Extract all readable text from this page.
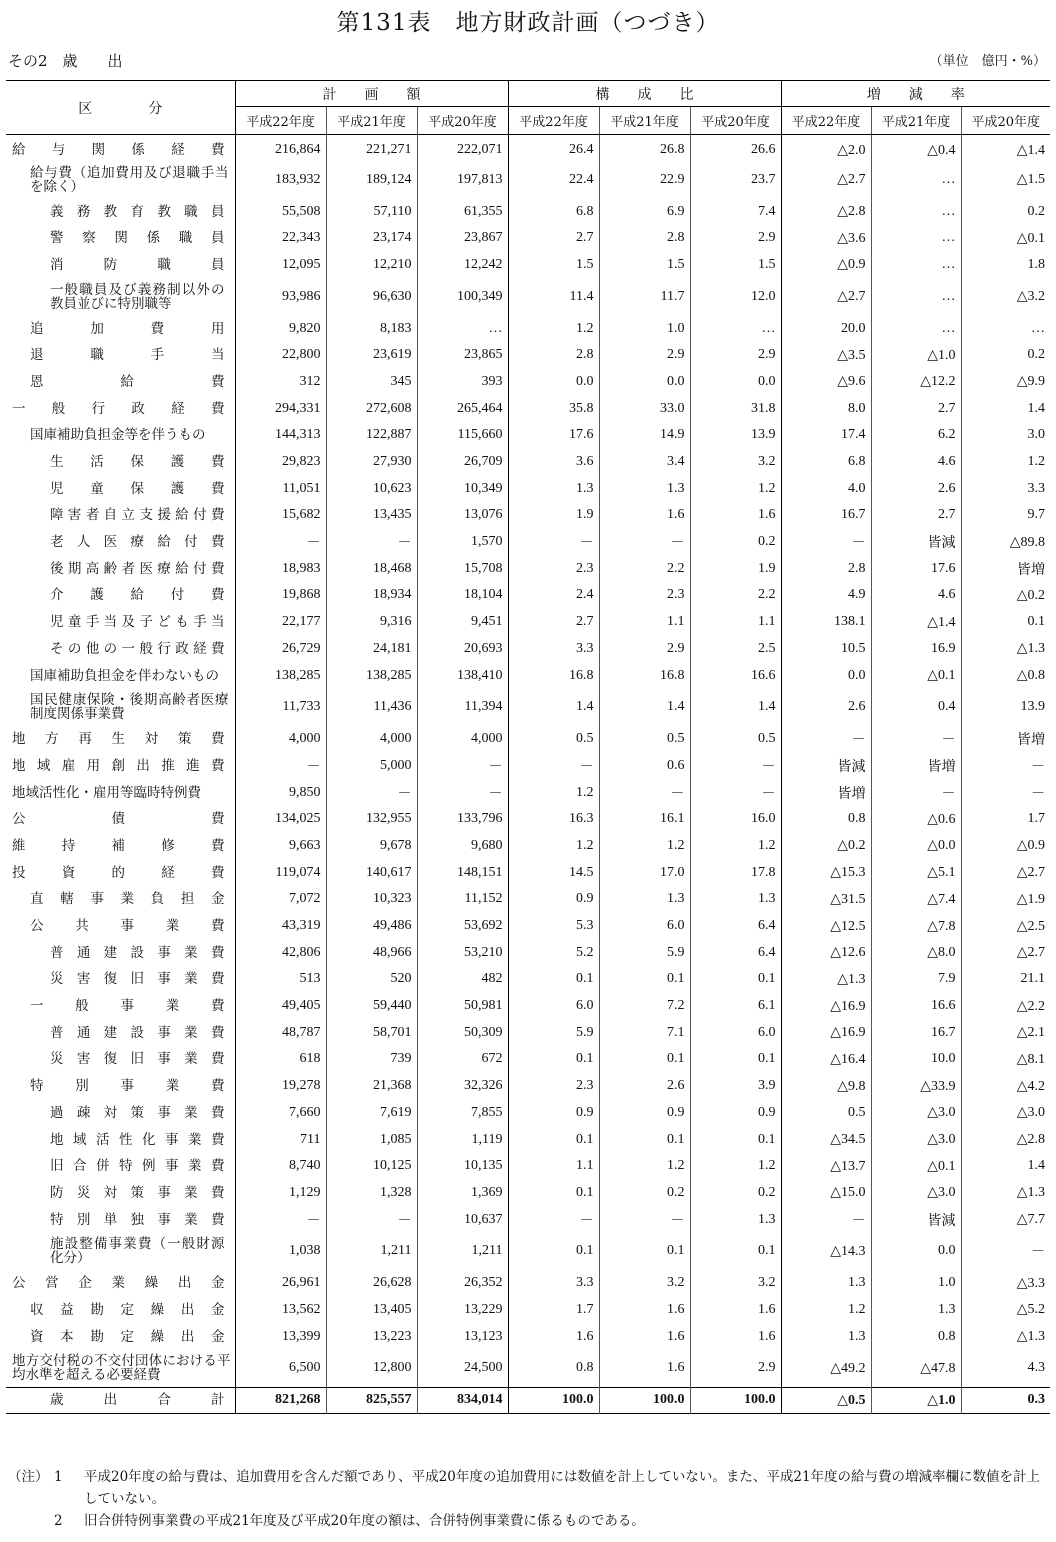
第131表　地方財政計画（つづき）
その2　歳　　出	（単位　億円・%）
区　　　　分	計　　画　　額			構　　成　　比			増　　減　　率		
	平成22年度	平成21年度	平成20年度	平成22年度	平成21年度	平成20年度	平成22年度	平成21年度	平成20年度
給与関係経費	216,864	221,271	222,071	26.4	26.8	26.6	△2.0	△0.4	△1.4
給与費（追加費用及び退職手当を除く）	183,932	189,124	197,813	22.4	22.9	23.7	△2.7	…	△1.5
義務教育教職員	55,508	57,110	61,355	6.8	6.9	7.4	△2.8	…	0.2
警察関係職員	22,343	23,174	23,867	2.7	2.8	2.9	△3.6	…	△0.1
消防職員	12,095	12,210	12,242	1.5	1.5	1.5	△0.9	…	1.8
一般職員及び義務制以外の教員並びに特別職等	93,986	96,630	100,349	11.4	11.7	12.0	△2.7	…	△3.2
追加費用	9,820	8,183	…	1.2	1.0	…	20.0	…	…
退職手当	22,800	23,619	23,865	2.8	2.9	2.9	△3.5	△1.0	0.2
恩給費	312	345	393	0.0	0.0	0.0	△9.6	△12.2	△9.9
一般行政経費	294,331	272,608	265,464	35.8	33.0	31.8	8.0	2.7	1.4
国庫補助負担金等を伴うもの	144,313	122,887	115,660	17.6	14.9	13.9	17.4	6.2	3.0
生活保護費	29,823	27,930	26,709	3.6	3.4	3.2	6.8	4.6	1.2
児童保護費	11,051	10,623	10,349	1.3	1.3	1.2	4.0	2.6	3.3
障害者自立支援給付費	15,682	13,435	13,076	1.9	1.6	1.6	16.7	2.7	9.7
老人医療給付費	－	－	1,570	－	－	0.2	－	皆減	△89.8
後期高齢者医療給付費	18,983	18,468	15,708	2.3	2.2	1.9	2.8	17.6	皆増
介護給付費	19,868	18,934	18,104	2.4	2.3	2.2	4.9	4.6	△0.2
児童手当及子ども手当	22,177	9,316	9,451	2.7	1.1	1.1	138.1	△1.4	0.1
その他の一般行政経費	26,729	24,181	20,693	3.3	2.9	2.5	10.5	16.9	△1.3
国庫補助負担金を伴わないもの	138,285	138,285	138,410	16.8	16.8	16.6	0.0	△0.1	△0.8
国民健康保険・後期高齢者医療制度関係事業費	11,733	11,436	11,394	1.4	1.4	1.4	2.6	0.4	13.9
地方再生対策費	4,000	4,000	4,000	0.5	0.5	0.5	－	－	皆増
地域雇用創出推進費	－	5,000	－	－	0.6	－	皆減	皆増	－
地域活性化・雇用等臨時特例費	9,850	－	－	1.2	－	－	皆増	－	－
公債費	134,025	132,955	133,796	16.3	16.1	16.0	0.8	△0.6	1.7
維持補修費	9,663	9,678	9,680	1.2	1.2	1.2	△0.2	△0.0	△0.9
投資的経費	119,074	140,617	148,151	14.5	17.0	17.8	△15.3	△5.1	△2.7
直轄事業負担金	7,072	10,323	11,152	0.9	1.3	1.3	△31.5	△7.4	△1.9
公共事業費	43,319	49,486	53,692	5.3	6.0	6.4	△12.5	△7.8	△2.5
普通建設事業費	42,806	48,966	53,210	5.2	5.9	6.4	△12.6	△8.0	△2.7
災害復旧事業費	513	520	482	0.1	0.1	0.1	△1.3	7.9	21.1
一般事業費	49,405	59,440	50,981	6.0	7.2	6.1	△16.9	16.6	△2.2
普通建設事業費	48,787	58,701	50,309	5.9	7.1	6.0	△16.9	16.7	△2.1
災害復旧事業費	618	739	672	0.1	0.1	0.1	△16.4	10.0	△8.1
特別事業費	19,278	21,368	32,326	2.3	2.6	3.9	△9.8	△33.9	△4.2
過疎対策事業費	7,660	7,619	7,855	0.9	0.9	0.9	0.5	△3.0	△3.0
地域活性化事業費	711	1,085	1,119	0.1	0.1	0.1	△34.5	△3.0	△2.8
旧合併特例事業費	8,740	10,125	10,135	1.1	1.2	1.2	△13.7	△0.1	1.4
防災対策事業費	1,129	1,328	1,369	0.1	0.2	0.2	△15.0	△3.0	△1.3
特別単独事業費	－	－	10,637	－	－	1.3	－	皆減	△7.7
施設整備事業費（一般財源化分）	1,038	1,211	1,211	0.1	0.1	0.1	△14.3	0.0	－
公営企業繰出金	26,961	26,628	26,352	3.3	3.2	3.2	1.3	1.0	△3.3
収益勘定繰出金	13,562	13,405	13,229	1.7	1.6	1.6	1.2	1.3	△5.2
資本勘定繰出金	13,399	13,223	13,123	1.6	1.6	1.6	1.3	0.8	△1.3
地方交付税の不交付団体における平均水準を超える必要経費	6,500	12,800	24,500	0.8	1.6	2.9	△49.2	△47.8	4.3
歳出合計	821,268	825,557	834,014	100.0	100.0	100.0	△0.5	△1.0	0.3
（注） 1	平成20年度の給与費は、追加費用を含んだ額であり、平成20年度の追加費用には数値を計上していない。また、平成21年度の給与費の増減率欄に数値を計上していない。
2	旧合併特例事業費の平成21年度及び平成20年度の額は、合併特例事業費に係るものである。
